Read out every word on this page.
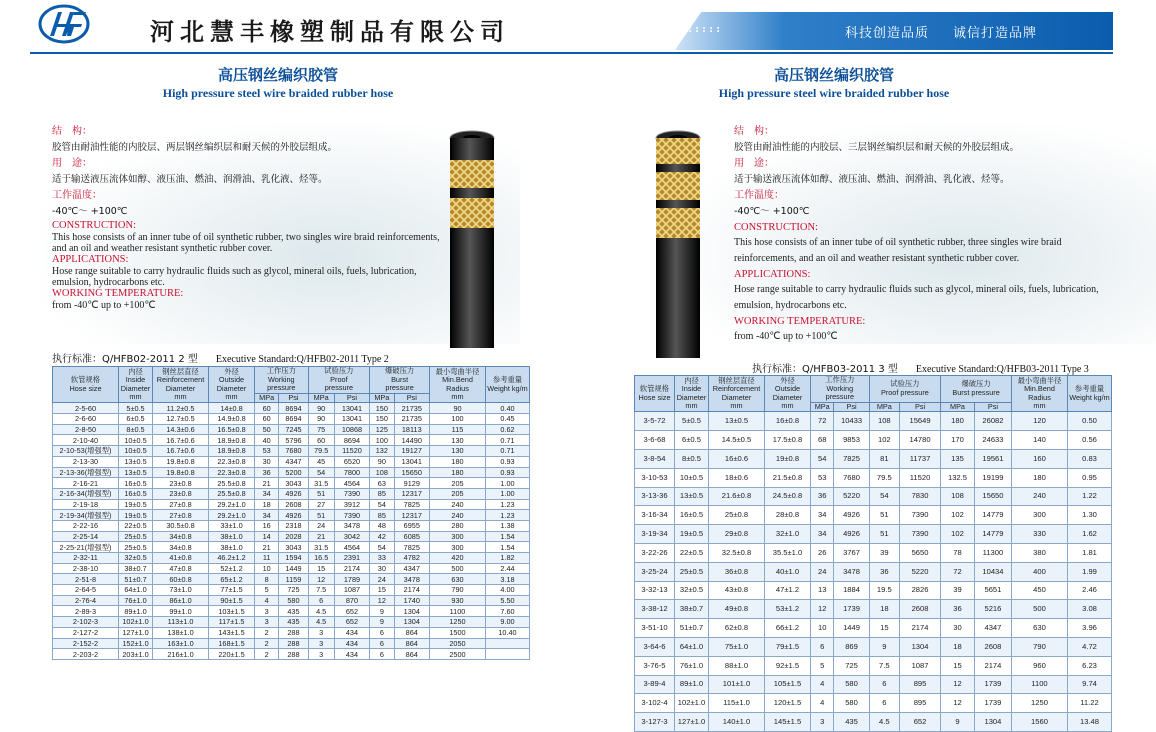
河北慧丰橡塑制品有限公司	.:::::	科技创造品质 诚信打造品牌
高压钢丝编织胶管
High pressure steel wire braided rubber hose
结　构：
胶管由耐油性能的内胶层、两层钢丝编织层和耐天候的外胶层组成。
用　途：
适于输送液压流体如醇、液压油、燃油、润滑油、乳化液、烃等。
工作温度：
-40℃～ +100℃
CONSTRUCTION:
This hose consists of an inner tube of oil synthetic rubber, two singles wire braid reinforcements, and an oil and weather resistant synthetic rubber cover.
APPLICATIONS:
Hose range suitable to carry hydraulic fluids such as glycol, mineral oils, fuels, lubrication, emulsion, hydrocarbons etc.
WORKING TEMPERATURE:
from -40℃ up to +100℃
执行标准：Q/HFB02-2011 2 型 Executive Standard:Q/HFB02-2011 Type 2
软管规格
Hose size	内径
Inside
Diameter
mm	钢丝层直径
Reinforcement
Diameter
mm	外径
Outside
Diameter
mm	工作压力
Working
pressure		试验压力
Proof
pressure		爆破压力
Burst
pressure		最小弯曲半径
Min.Bend
Radius
mm	参考重量
Weight kg/m
				MPa	Psi	MPa	Psi	MPa	Psi		
2-5-60	5±0.5	11.2±0.5	14±0.8	60	8694	90	13041	150	21735	90	0.40
2-6-60	6±0.5	12.7±0.5	14.9±0.8	60	8694	90	13041	150	21735	100	0.45
2-8-50	8±0.5	14.3±0.6	16.5±0.8	50	7245	75	10868	125	18113	115	0.62
2-10-40	10±0.5	16.7±0.6	18.9±0.8	40	5796	60	8694	100	14490	130	0.71
2-10-53(增强型)	10±0.5	16.7±0.6	18.9±0.8	53	7680	79.5	11520	132	19127	130	0.71
2-13-30	13±0.5	19.8±0.8	22.3±0.8	30	4347	45	6520	90	13041	180	0.93
2-13-36(增强型)	13±0.5	19.8±0.8	22.3±0.8	36	5200	54	7800	108	15650	180	0.93
2-16-21	16±0.5	23±0.8	25.5±0.8	21	3043	31.5	4564	63	9129	205	1.00
2-16-34(增强型)	16±0.5	23±0.8	25.5±0.8	34	4926	51	7390	85	12317	205	1.00
2-19-18	19±0.5	27±0.8	29.2±1.0	18	2608	27	3912	54	7825	240	1.23
2-19-34(增强型)	19±0.5	27±0.8	29.2±1.0	34	4926	51	7390	85	12317	240	1.23
2-22-16	22±0.5	30.5±0.8	33±1.0	16	2318	24	3478	48	6955	280	1.38
2-25-14	25±0.5	34±0.8	38±1.0	14	2028	21	3042	42	6085	300	1.54
2-25-21(增强型)	25±0.5	34±0.8	38±1.0	21	3043	31.5	4564	54	7825	300	1.54
2-32-11	32±0.5	41±0.8	46.2±1.2	11	1594	16.5	2391	33	4782	420	1.82
2-38-10	38±0.7	47±0.8	52±1.2	10	1449	15	2174	30	4347	500	2.44
2-51-8	51±0.7	60±0.8	65±1.2	8	1159	12	1789	24	3478	630	3.18
2-64-5	64±1.0	73±1.0	77±1.5	5	725	7.5	1087	15	2174	790	4.00
2-76-4	76±1.0	86±1.0	90±1.5	4	580	6	870	12	1740	930	5.50
2-89-3	89±1.0	99±1.0	103±1.5	3	435	4.5	652	9	1304	1100	7.60
2-102-3	102±1.0	113±1.0	117±1.5	3	435	4.5	652	9	1304	1250	9.00
2-127-2	127±1.0	138±1.0	143±1.5	2	288	3	434	6	864	1500	10.40
2-152-2	152±1.0	163±1.0	168±1.5	2	288	3	434	6	864	2050	
2-203-2	203±1.0	216±1.0	220±1.5	2	288	3	434	6	864	2500	
高压钢丝编织胶管
High pressure steel wire braided rubber hose
结　构：
胶管由耐油性能的内胶层、三层钢丝编织层和耐天候的外胶层组成。
用　途：
适于输送液压流体如醇、液压油、燃油、润滑油、乳化液、烃等。
工作温度：
-40℃～ +100℃
CONSTRUCTION:
This hose consists of an inner tube of oil synthetic rubber, three singles wire braid reinforcements, and an oil and weather resistant synthetic rubber cover.
APPLICATIONS:
Hose range suitable to carry hydraulic fluids such as glycol, mineral oils, fuels, lubrication, emulsion, hydrocarbons etc.
WORKING TEMPERATURE:
from -40℃ up to +100℃
执行标准：Q/HFB03-2011 3 型 Executive Standard:Q/HFB03-2011 Type 3
软管规格
Hose size	内径
Inside
Diameter
mm	钢丝层直径
Reinforcement
Diameter
mm	外径
Outside
Diameter
mm	工作压力
Working
pressure		试验压力
Proof pressure		爆破压力
Burst pressure		最小弯曲半径
Min.Bend
Radius
mm	参考重量
Weight kg/m
				MPa	Psi	MPa	Psi	MPa	Psi		
3-5-72	5±0.5	13±0.5	16±0.8	72	10433	108	15649	180	26082	120	0.50
3-6-68	6±0.5	14.5±0.5	17.5±0.8	68	9853	102	14780	170	24633	140	0.56
3-8-54	8±0.5	16±0.6	19±0.8	54	7825	81	11737	135	19561	160	0.83
3-10-53	10±0.5	18±0.6	21.5±0.8	53	7680	79.5	11520	132.5	19199	180	0.95
3-13-36	13±0.5	21.6±0.8	24.5±0.8	36	5220	54	7830	108	15650	240	1.22
3-16-34	16±0.5	25±0.8	28±0.8	34	4926	51	7390	102	14779	300	1.30
3-19-34	19±0.5	29±0.8	32±1.0	34	4926	51	7390	102	14779	330	1.62
3-22-26	22±0.5	32.5±0.8	35.5±1.0	26	3767	39	5650	78	11300	380	1.81
3-25-24	25±0.5	36±0.8	40±1.0	24	3478	36	5220	72	10434	400	1.99
3-32-13	32±0.5	43±0.8	47±1.2	13	1884	19.5	2826	39	5651	450	2.46
3-38-12	38±0.7	49±0.8	53±1.2	12	1739	18	2608	36	5216	500	3.08
3-51-10	51±0.7	62±0.8	66±1.2	10	1449	15	2174	30	4347	630	3.96
3-64-6	64±1.0	75±1.0	79±1.5	6	869	9	1304	18	2608	790	4.72
3-76-5	76±1.0	88±1.0	92±1.5	5	725	7.5	1087	15	2174	960	6.23
3-89-4	89±1.0	101±1.0	105±1.5	4	580	6	895	12	1739	1100	9.74
3-102-4	102±1.0	115±1.0	120±1.5	4	580	6	895	12	1739	1250	11.22
3-127-3	127±1.0	140±1.0	145±1.5	3	435	4.5	652	9	1304	1560	13.48
